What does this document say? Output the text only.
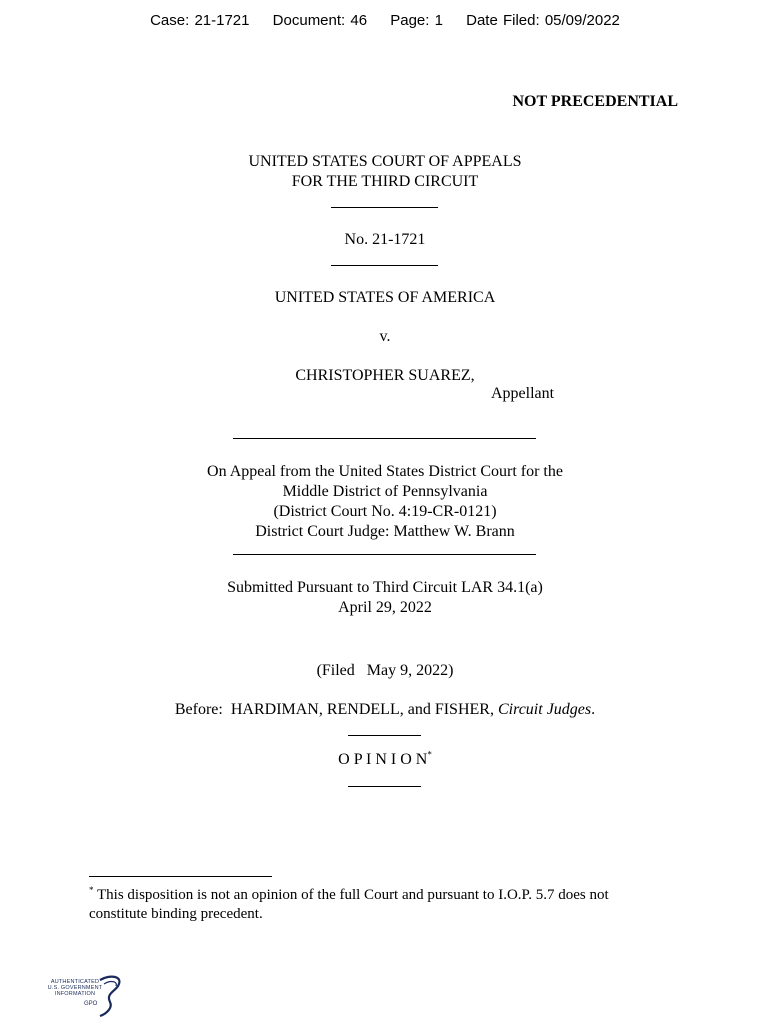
Case: 21-1721 Document: 46 Page: 1 Date Filed: 05/09/2022
NOT PRECEDENTIAL
UNITED STATES COURT OF APPEALS
FOR THE THIRD CIRCUIT
No. 21-1721
UNITED STATES OF AMERICA
v.
CHRISTOPHER SUAREZ,
Appellant
On Appeal from the United States District Court for the
Middle District of Pennsylvania
(District Court No. 4:19-CR-0121)
District Court Judge: Matthew W. Brann
Submitted Pursuant to Third Circuit LAR 34.1(a)
April 29, 2022
(Filed   May 9, 2022)
Before:  HARDIMAN, RENDELL, and FISHER, Circuit Judges.
O P I N I O N*
* This disposition is not an opinion of the full Court and pursuant to I.O.P. 5.7 does not
constitute binding precedent.
AUTHENTICATED
U.S. GOVERNMENT
INFORMATION
GPO
